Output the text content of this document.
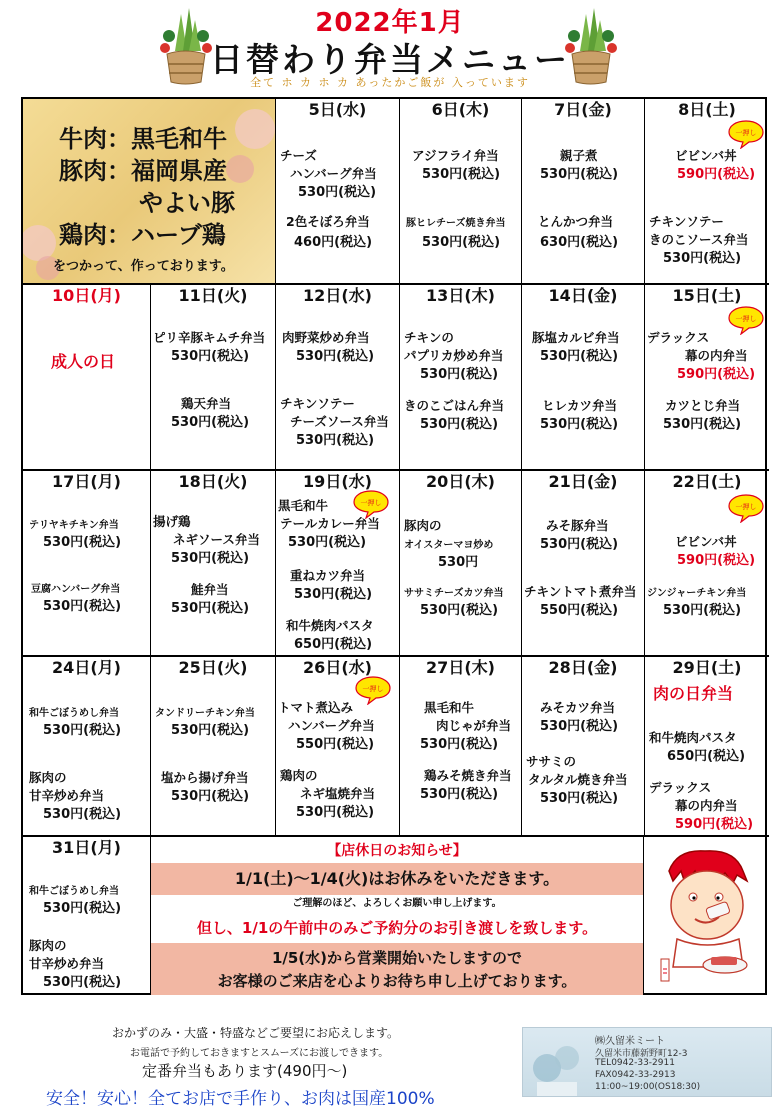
2022年1月
日替わり弁当メニュー
全て ホ カ ホ カ あったかご飯が 入っています
牛肉：黒毛和牛
豚肉：福岡県産
やよい豚
鶏肉：ハーブ鶏
をつかって、作っております。
5日(水)
チーズ
ハンバーグ弁当
530円(税込)
2色そぼろ弁当
460円(税込)
6日(木)
アジフライ弁当
530円(税込)
豚ヒレチーズ焼き弁当
530円(税込)
7日(金)
親子煮
530円(税込)
とんかつ弁当
630円(税込)
8日(土)
一押し
ビビンバ丼
590円(税込)
チキンソテー
きのこソース弁当
530円(税込)
10日(月)
成人の日
11日(火)
ピリ辛豚キムチ弁当
530円(税込)
鶏天弁当
530円(税込)
12日(水)
肉野菜炒め弁当
530円(税込)
チキンソテー
チーズソース弁当
530円(税込)
13日(木)
チキンの
パプリカ炒め弁当
530円(税込)
きのこごはん弁当
530円(税込)
14日(金)
豚塩カルビ弁当
530円(税込)
ヒレカツ弁当
530円(税込)
15日(土)
一押し
デラックス
幕の内弁当
590円(税込)
カツとじ弁当
530円(税込)
17日(月)
テリヤキチキン弁当
530円(税込)
豆腐ハンバーグ弁当
530円(税込)
18日(火)
揚げ鶏
ネギソース弁当
530円(税込)
鮭弁当
530円(税込)
19日(水)
一押し
黒毛和牛
テールカレー弁当
530円(税込)
重ねカツ弁当
530円(税込)
和牛焼肉パスタ
650円(税込)
20日(木)
豚肉の
オイスターマヨ炒め
530円
ササミチーズカツ弁当
530円(税込)
21日(金)
みそ豚弁当
530円(税込)
チキントマト煮弁当
550円(税込)
22日(土)
一押し
ビビンバ丼
590円(税込)
ジンジャーチキン弁当
530円(税込)
24日(月)
和牛ごぼうめし弁当
530円(税込)
豚肉の
甘辛炒め弁当
530円(税込)
25日(火)
タンドリーチキン弁当
530円(税込)
塩から揚げ弁当
530円(税込)
26日(水)
一押し
トマト煮込み
ハンバーグ弁当
550円(税込)
鶏肉の
ネギ塩焼弁当
530円(税込)
27日(木)
黒毛和牛
肉じゃが弁当
530円(税込)
鶏みそ焼き弁当
530円(税込)
28日(金)
みそカツ弁当
530円(税込)
ササミの
タルタル焼き弁当
530円(税込)
29日(土)
肉の日弁当
和牛焼肉パスタ
650円(税込)
デラックス
幕の内弁当
590円(税込)
31日(月)
和牛ごぼうめし弁当
530円(税込)
豚肉の
甘辛炒め弁当
530円(税込)
【店休日のお知らせ】
1/1(土)～1/4(火)はお休みをいただきます。
ご理解のほど、よろしくお願い申し上げます。
但し、1/1の午前中のみご予約分のお引き渡しを致します。
1/5(水)から営業開始いたしますので
お客様のご来店を心よりお待ち申し上げております。
おかずのみ・大盛・特盛などご要望にお応えします。
お電話で予約しておきますとスムーズにお渡しできます。
定番弁当もあります(490円～)
安全！安心！全てお店で手作り、お肉は国産100%
㈱久留米ミート
久留米市藤新野町12-3
TEL0942-33-2911
FAX0942-33-2913
11:00~19:00(OS18:30)
